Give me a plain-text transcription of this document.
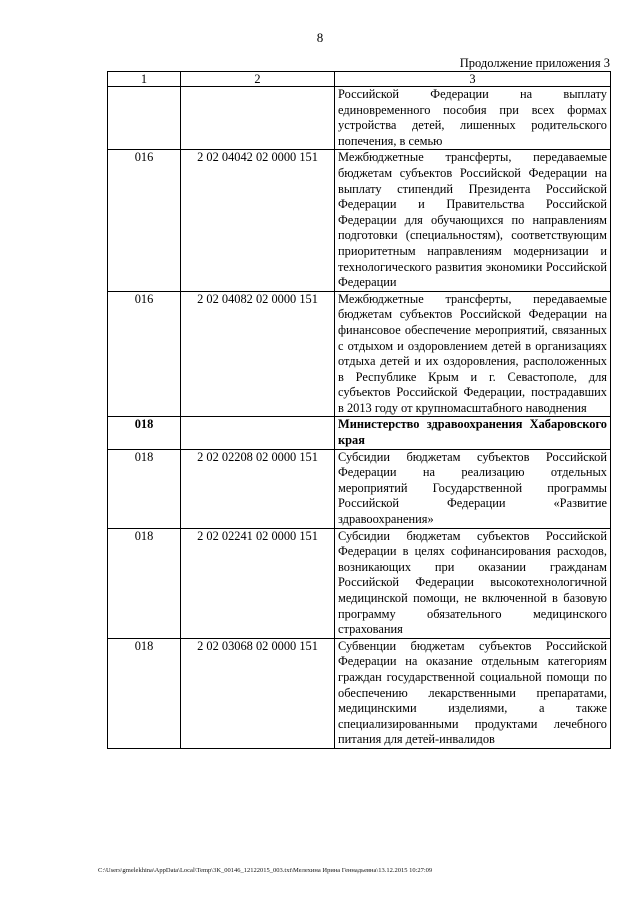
8
Продолжение приложения 3
1	2	3
		Российской Федерации на выплату единовременного пособия при всех формах устройства детей, лишенных родительского попечения, в семью
016	2 02 04042 02 0000 151	Межбюджетные трансферты, передаваемые бюджетам субъектов Российской Федерации на выплату стипендий Президента Российской Федерации и Правительства Российской Федерации для обучающихся по направлениям подготовки (специальностям), соответствующим приоритетным направлениям модернизации и технологического развития экономики Российской Федерации
016	2 02 04082 02 0000 151	Межбюджетные трансферты, передаваемые бюджетам субъектов Российской Федерации на финансовое обеспечение мероприятий, связанных с отдыхом и оздоровлением детей в организациях отдыха детей и их оздоровления, расположенных в Республике Крым и г. Севастополе, для субъектов Российской Федерации, пострадавших в 2013 году от крупномасштабного наводнения
018		Министерство здравоохранения Хабаровского края
018	2 02 02208 02 0000 151	Субсидии бюджетам субъектов Российской Федерации на реализацию отдельных мероприятий Государственной программы Российской Федерации «Развитие здравоохранения»
018	2 02 02241 02 0000 151	Субсидии бюджетам субъектов Российской Федерации в целях софинансирования расходов, возникающих при оказании гражданам Российской Федерации высокотехнологичной медицинской помощи, не включенной в базовую программу обязательного медицинского страхования
018	2 02 03068 02 0000 151	Субвенции бюджетам субъектов Российской Федерации на оказание отдельным категориям граждан государственной социальной помощи по обеспечению лекарственными препаратами, медицинскими изделиями, а также специализированными продуктами лечебного питания для детей-инвалидов
C:\Users\gmelekhina\AppData\Local\Temp\3K_00146_12122015_003.txt\Мелехина Ирина Геннадьевна\13.12.2015 10:27:09
